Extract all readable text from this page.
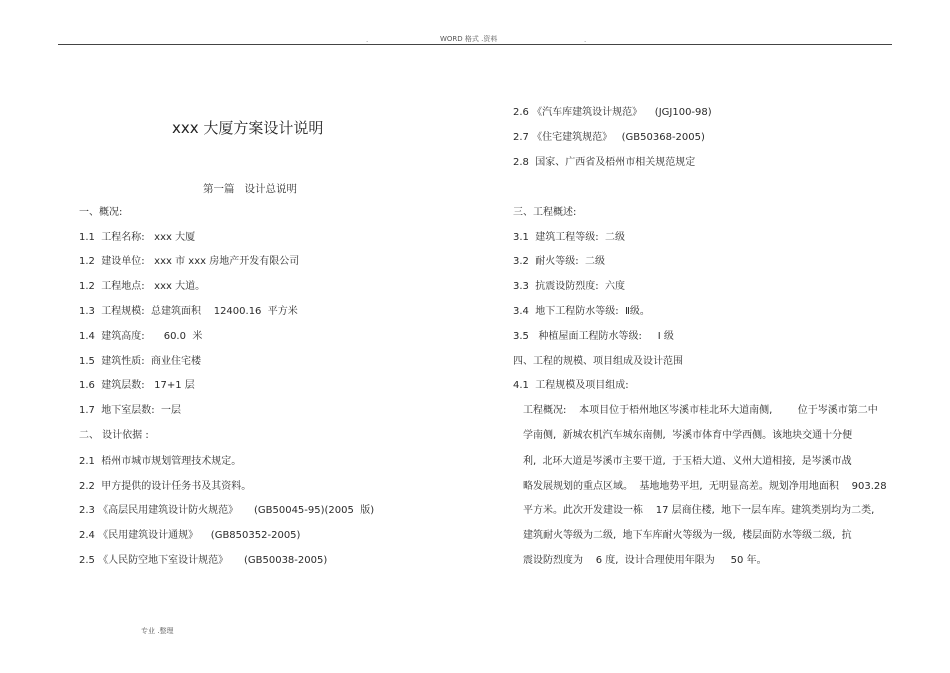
.	WORD 格式 .资料	.
xxx 大厦方案设计说明
第一篇   设计总说明
一、概况:
1.1  工程名称:   xxx 大厦
1.2  建设单位:   xxx 市 xxx 房地产开发有限公司
1.2  工程地点:   xxx 大道。
1.3  工程规模:  总建筑面积    12400.16  平方米
1.4  建筑高度:      60.0  米
1.5  建筑性质:  商业住宅楼
1.6  建筑层数:   17+1 层
1.7  地下室层数:  一层
二、 设计依据 :
2.1  梧州市城市规划管理技术规定。
2.2  甲方提供的设计任务书及其资料。
2.3 《高层民用建筑设计防火规范》     (GB50045-95)(2005  版)
2.4 《民用建筑设计通规》    (GB850352-2005)
2.5 《人民防空地下室设计规范》     (GB50038-2005)
2.6 《汽车库建筑设计规范》    (JGJ100-98)
2.7 《住宅建筑规范》   (GB50368-2005)
2.8  国家、广西省及梧州市相关规范规定
三、工程概述:
3.1  建筑工程等级:  二级
3.2  耐火等级:  二级
3.3  抗震设防烈度:  六度
3.4  地下工程防水等级:  Ⅱ级。
3.5   种植屋面工程防水等级:     Ⅰ 级
四、工程的规模、项目组成及设计范围
4.1  工程规模及项目组成:
工程概况:    本项目位于梧州地区岑溪市桂北环大道南侧,        位于岑溪市第二中
学南侧,  新城农机汽车城东南侧,  岑溪市体育中学西侧。该地块交通十分便
利,  北环大道是岑溪市主要干道,  于玉梧大道、义州大道相接,  是岑溪市战
略发展规划的重点区域。  基地地势平坦,  无明显高差。规划净用地面积    903.28
平方米。此次开发建设一栋    17 层商住楼,  地下一层车库。建筑类别均为二类,
建筑耐火等级为二级,  地下车库耐火等级为一级,  楼层面防水等级二级,  抗
震设防烈度为    6 度,  设计合理使用年限为     50 年。
专业 .整理
